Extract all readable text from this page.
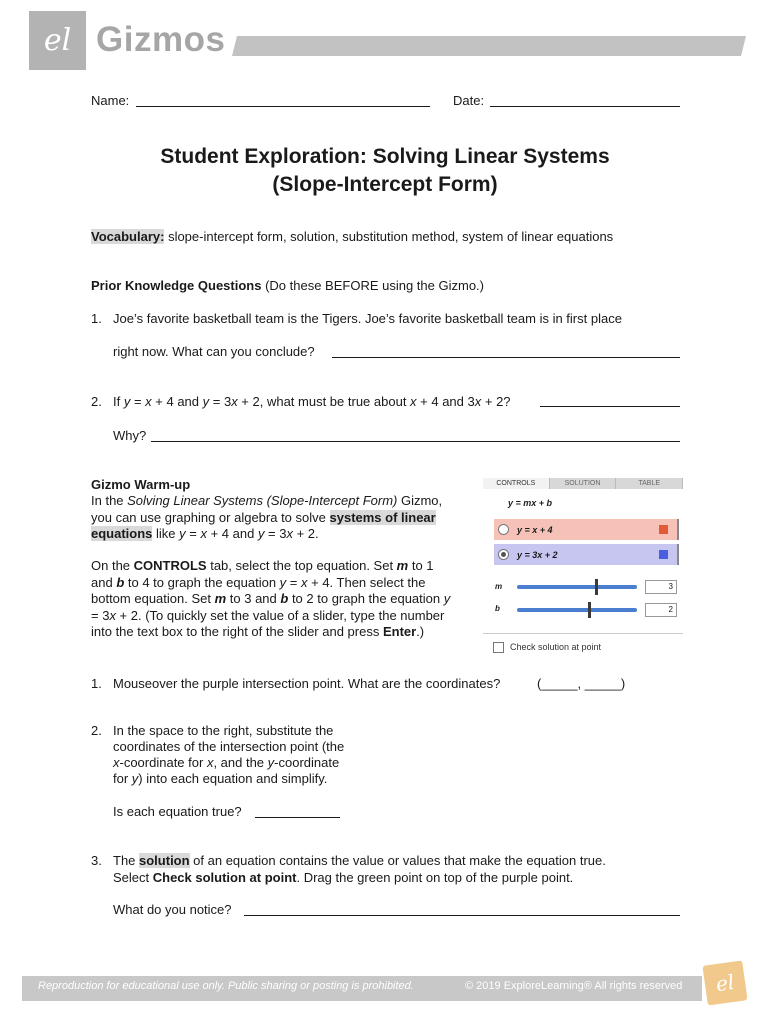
el Gizmos
Name:	Date:
Student Exploration: Solving Linear Systems
(Slope-Intercept Form)
Vocabulary: slope-intercept form, solution, substitution method, system of linear equations
Prior Knowledge Questions (Do these BEFORE using the Gizmo.)
1. Joe’s favorite basketball team is the Tigers. Joe’s favorite basketball team is in first place
right now. What can you conclude?
2. If y = x + 4 and y = 3x + 2, what must be true about x + 4 and 3x + 2?
Why?
Gizmo Warm-up
In the Solving Linear Systems (Slope-Intercept Form) Gizmo, you can use graphing or algebra to solve systems of linear equations like y = x + 4 and y = 3x + 2.
On the CONTROLS tab, select the top equation. Set m to 1 and b to 4 to graph the equation y = x + 4. Then select the bottom equation. Set m to 3 and b to 2 to graph the equation y = 3x + 2. (To quickly set the value of a slider, type the number into the text box to the right of the slider and press Enter.)
CONTROLS	SOLUTION	TABLE
y = mx + b
y = x + 4
y = 3x + 2
m	3
b	2
Check solution at point
1. Mouseover the purple intersection point. What are the coordinates?	(_____, _____)
2. In the space to the right, substitute the
coordinates of the intersection point (the
x-coordinate for x, and the y-coordinate
for y) into each equation and simplify.
Is each equation true?
3. The solution of an equation contains the value or values that make the equation true.
Select Check solution at point. Drag the green point on top of the purple point.
What do you notice?
Reproduction for educational use only. Public sharing or posting is prohibited.	© 2019 ExploreLearning® All rights reserved	el
